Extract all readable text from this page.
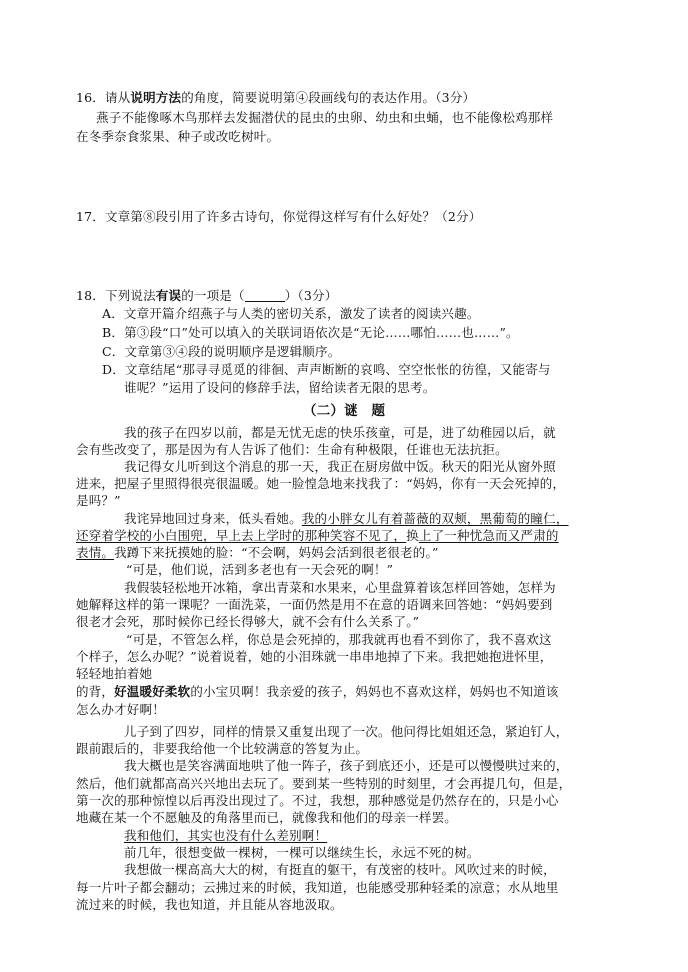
16．请从说明方法的角度，简要说明第④段画线句的表达作用。（3分）
燕子不能像啄木鸟那样去发掘潜伏的昆虫的虫卵、幼虫和虫蛹，也不能像松鸡那样
在冬季奈食浆果、种子或改吃树叶。
17．文章第⑧段引用了许多古诗句，你觉得这样写有什么好处？（2分）
18．下列说法有误的一项是（	）（3分）
A．文章开篇介绍燕子与人类的密切关系，激发了读者的阅读兴趣。
B．第③段“口”处可以填入的关联词语依次是“无论……哪怕……也……”。
C．文章第③④段的说明顺序是逻辑顺序。
D．文章结尾“那寻寻觅觅的徘徊、声声断断的哀鸣、空空怅怅的彷徨，又能寄与
谁呢？”运用了设问的修辞手法，留给读者无限的思考。
（二）谜　题
我的孩子在四岁以前，都是无忧无虑的快乐孩童，可是，进了幼稚园以后，就
会有些改变了，那是因为有人告诉了他们：生命有种极限，任谁也无法抗拒。
我记得女儿听到这个消息的那一天，我正在厨房做中饭。秋天的阳光从窗外照
进来，把屋子里照得很亮很温暖。她一脸惶急地来找我了：“妈妈，你有一天会死掉的，
是吗？”
我诧异地回过身来，低头看她。我的小胖女儿有着蔷薇的双颊，黑葡萄的瞳仁，
还穿着学校的小白围兜，早上去上学时的那种笑容不见了，换上了一种忧急而又严肃的
表情。我蹲下来抚摸她的脸：“不会啊，妈妈会活到很老很老的。”
“可是，他们说，活到多老也有一天会死的啊！”
我假装轻松地开冰箱，拿出青菜和水果来，心里盘算着该怎样回答她，怎样为
她解释这样的第一课呢？一面洗菜，一面仍然是用不在意的语调来回答她：“妈妈要到
很老才会死，那时候你已经长得够大，就不会有什么关系了。”
“可是，不管怎么样，你总是会死掉的，那我就再也看不到你了，我不喜欢这
个样子，怎么办呢？”说着说着，她的小泪珠就一串串地掉了下来。我把她抱进怀里，
轻轻地拍着她
的背，好温暖好柔软的小宝贝啊！我亲爱的孩子，妈妈也不喜欢这样，妈妈也不知道该
怎么办才好啊！
儿子到了四岁，同样的情景又重复出现了一次。他问得比姐姐还急，紧迫钉人，
跟前跟后的，非要我给他一个比较满意的答复为止。
我大概也是笑容满面地哄了他一阵子，孩子到底还小，还是可以慢慢哄过来的，
然后，他们就都高高兴兴地出去玩了。要到某一些特别的时刻里，才会再提几句，但是，
第一次的那种惊惶以后再没出现过了。不过，我想，那种感觉是仍然存在的，只是小心
地藏在某一个不愿触及的角落里而已，就像我和他们的母亲一样罢。
我和他们，其实也没有什么差别啊！
前几年，很想变做一棵树，一棵可以继续生长，永远不死的树。
我想做一棵高高大大的树，有挺直的躯干，有茂密的枝叶。风吹过来的时候，
每一片叶子都会翻动；云拂过来的时候，我知道，也能感受那种轻柔的凉意；水从地里
流过来的时候，我也知道，并且能从容地汲取。
